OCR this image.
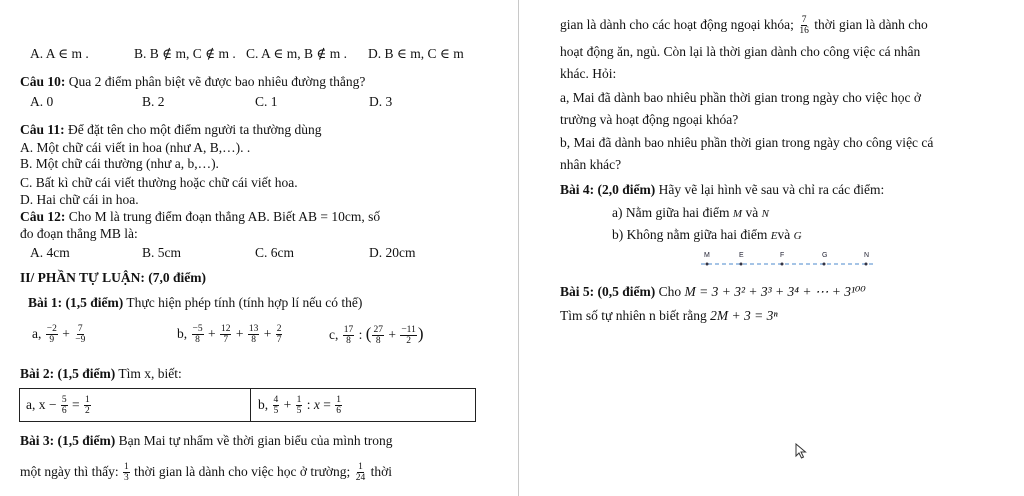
A. A ∈ m .	B. B ∉ m, C ∉ m . C. A ∈ m, B ∉ m . D. B ∈ m, C ∈ m
Câu 10: Qua 2 điểm phân biệt vẽ được bao nhiêu đường thẳng?
A. 0	B. 2	C. 1	D. 3
Câu 11: Để đặt tên cho một điểm người ta thường dùng
A. Một chữ cái viết in hoa (như A, B,…). .
B. Một chữ cái thường (như a, b,…).
C. Bất kì chữ cái viết thường hoặc chữ cái viết hoa.
D. Hai chữ cái in hoa.
Câu 12: Cho M là trung điểm đoạn thẳng AB. Biết AB = 10cm, số
đo đoạn thẳng MB là:
A. 4cm	B. 5cm	C. 6cm	D. 20cm
II/ PHẦN TỰ LUẬN: (7,0 điểm)
Bài 1: (1,5 điểm) Thực hiện phép tính (tính hợp lí nếu có thể)
a, $\frac{-2}{9} + \frac{7}{-9}$	b, $\frac{-5}{8} + \frac{12}{7} + \frac{13}{8} + \frac{2}{7}$	c, $\frac{17}{8}$ : ( $\frac{27}{8} + \frac{-11}{2}$ )
Bài 2: (1,5 điểm) Tìm x, biết:
a, $x - \frac{5}{6} = \frac{1}{2}$	b, $\frac{4}{5} + \frac{1}{5}$ : $x = \frac{1}{6}$
Bài 3: (1,5 điểm) Bạn Mai tự nhẩm về thời gian biểu của mình trong
một ngày thì thấy: $\frac{1}{3}$ thời gian là dành cho việc học ở trường; $\frac{1}{24}$ thời
gian là dành cho các hoạt động ngoại khóa; $\frac{7}{16}$ thời gian là dành cho
hoạt động ăn, ngủ. Còn lại là thời gian dành cho công việc cá nhân
khác. Hỏi:
a, Mai đã dành bao nhiêu phần thời gian trong ngày cho việc học ở
trường và hoạt động ngoại khóa?
b, Mai đã dành bao nhiêu phần thời gian trong ngày cho công việc cá
nhân khác?
Bài 4: (2,0 điểm) Hãy vẽ lại hình vẽ sau và chỉ ra các điểm:
a) Nằm giữa hai điểm M và N
b) Không nằm giữa hai điểm Evà G
M	E	F	G	N
Bài 5: (0,5 điểm) Cho M = 3 + 3² + 3³ + 3⁴ + ⋯ + 3¹⁰⁰
Tìm số tự nhiên n biết rằng 2M + 3 = 3ⁿ
